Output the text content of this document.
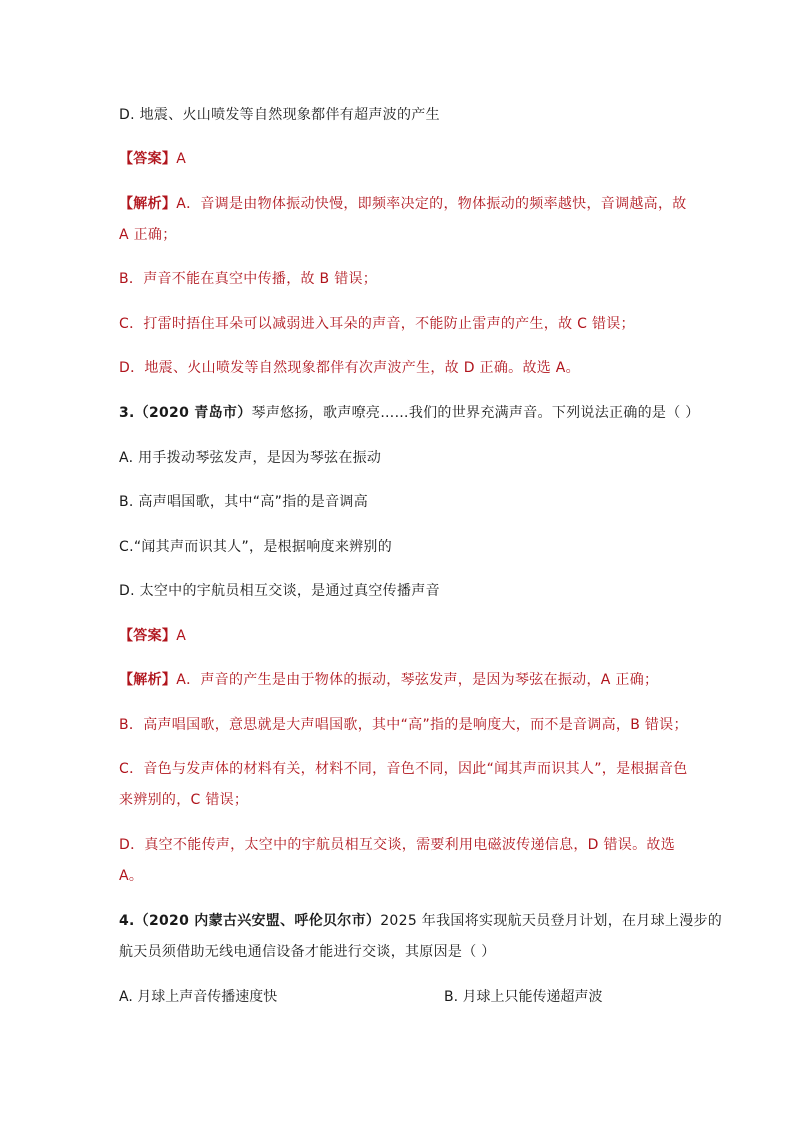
D. 地震、火山喷发等自然现象都伴有超声波的产生
【答案】A
【解析】A．音调是由物体振动快慢，即频率决定的，物体振动的频率越快，音调越高，故
A 正确；
B．声音不能在真空中传播，故 B 错误；
C．打雷时捂住耳朵可以减弱进入耳朵的声音，不能防止雷声的产生，故 C 错误；
D．地震、火山喷发等自然现象都伴有次声波产生，故 D 正确。故选 A。
3.（2020 青岛市）琴声悠扬，歌声嘹亮……我们的世界充满声音。下列说法正确的是（ ）
A. 用手拨动琴弦发声，是因为琴弦在振动
B. 高声唱国歌，其中“高”指的是音调高
C.“闻其声而识其人”，是根据响度来辨别的
D. 太空中的宇航员相互交谈，是通过真空传播声音
【答案】A
【解析】A．声音的产生是由于物体的振动，琴弦发声，是因为琴弦在振动，A 正确；
B．高声唱国歌，意思就是大声唱国歌，其中“高”指的是响度大，而不是音调高，B 错误；
C．音色与发声体的材料有关，材料不同，音色不同，因此“闻其声而识其人”，是根据音色
来辨别的，C 错误；
D．真空不能传声，太空中的宇航员相互交谈，需要利用电磁波传递信息，D 错误。故选
A。
4.（2020 内蒙古兴安盟、呼伦贝尔市）2025 年我国将实现航天员登月计划，在月球上漫步的
航天员须借助无线电通信设备才能进行交谈，其原因是（ ）
A. 月球上声音传播速度快	B. 月球上只能传递超声波
